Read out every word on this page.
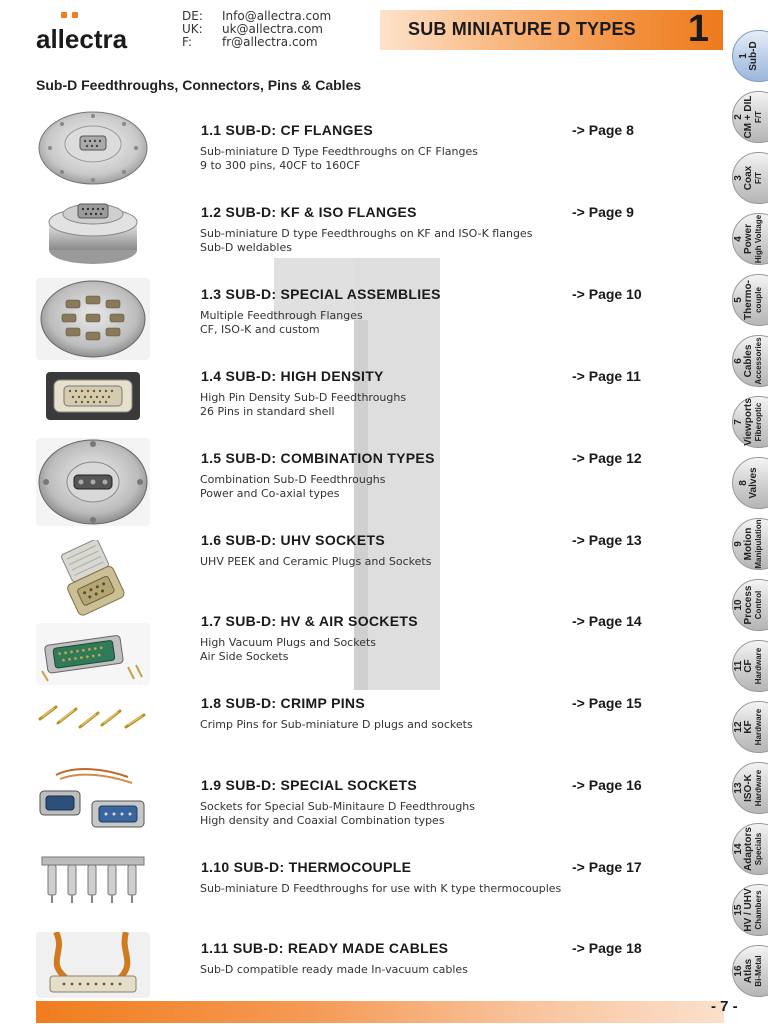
allectra
DE:	Info@allectra.com
UK:	uk@allectra.com
F:	fr@allectra.com
SUB MINIATURE D TYPES 1
Sub-D Feedthroughs, Connectors, Pins & Cables
1.1 SUB-D: CF FLANGES	-> Page 8
Sub-miniature D Type Feedthroughs on CF Flanges
9 to 300 pins, 40CF to 160CF
1.2 SUB-D: KF & ISO FLANGES	-> Page 9
Sub-miniature D type Feedthroughs on KF and ISO-K flanges
Sub-D weldables
1.3 SUB-D: SPECIAL ASSEMBLIES	-> Page 10
Multiple Feedthrough Flanges
CF, ISO-K and custom
1.4 SUB-D: HIGH DENSITY	-> Page 11
High Pin Density Sub-D Feedthroughs
26 Pins in standard shell
1.5 SUB-D: COMBINATION TYPES	-> Page 12
Combination Sub-D Feedthroughs
Power and Co-axial types
1.6 SUB-D: UHV SOCKETS	-> Page 13
UHV PEEK and Ceramic Plugs and Sockets
1.7 SUB-D: HV & AIR SOCKETS	-> Page 14
High Vacuum Plugs and Sockets
Air Side Sockets
1.8 SUB-D: CRIMP PINS	-> Page 15
Crimp Pins for Sub-miniature D plugs and sockets
1.9 SUB-D: SPECIAL SOCKETS	-> Page 16
Sockets for Special Sub-Minitaure D Feedthroughs
High density and Coaxial Combination types
1.10 SUB-D: THERMOCOUPLE	-> Page 17
Sub-miniature D Feedthroughs for use with K type thermocouples
1.11 SUB-D: READY MADE CABLES	-> Page 18
Sub-D compatible ready made In-vacuum cables
1 Sub-D
2 CM + DIL F/T
3 Coax F/T
4 Power High Voltage
5 Thermo- couple
6 Cables Accessories
7 Viewports Fiberoptic
8 Valves
9 Motion Manipulation
10 Process Control
11 CF Hardware
12 KF Hardware
13 ISO-K Hardware
14 Adaptors Specials
15 HV / UHV Chambers
16 Atlas Bi-Metal
- 7 -
